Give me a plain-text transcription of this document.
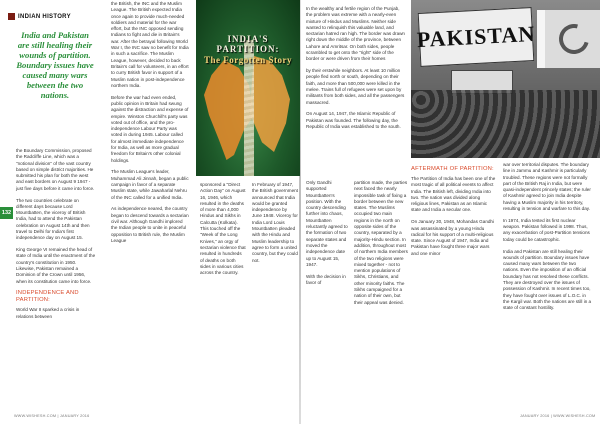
INDIAN HISTORY
India and Pakistan are still healing their wounds of partition. Boundary issues have caused many wars between the two nations.
132

the Boundary Commission, proposed the Radcliffe Line, which was a "notional division" of the vast country based on simple district majorities. He submitted his plan for both the west and east borders on August 9 1947 - just five days before it came into force.

The two countries celebrate on different days because Lord Mountbatten, the viceroy of British India, had to attend the Pakistan celebration on August 14th and then travel to Delhi for India's first independence day on August 15.

King George VI remained the head of state of India until the enactment of the country's constitution in 1950. Likewise, Pakistan remained a Dominion of the Crown until 1956, when its constitution came into force.

INDEPENDENCE AND PARTITION:

World War II sparked a crisis in relations between

the British, the INC and the Muslim League. The British expected India once again to provide much-needed soldiers and material for the war effort, but the INC opposed sending Indians to fight and die in Britain's war. After the betrayal following World War I, the INC saw no benefit for India in such a sacrifice. The Muslim League, however, decided to back Britain's call for volunteers, in an effort to curry British favor in support of a Muslim nation in post-independence northern India.

Before the war had even ended, public opinion in Britain had swung against the distraction and expense of empire. Winston Churchill's party was voted out of office, and the pro-independence Labour Party was voted in during 1945. Labour called for almost immediate independence for India, as well as more gradual freedom for Britain's other colonial holdings.

The Muslim League's leader, Muhammad Ali Jinnah, began a public campaign in favor of a separate Muslim state, while Jawaharlal Nehru of the INC called for a unified India.

As independence neared, the country began to descend towards a sectarian civil war. Although Gandhi implored the Indian people to unite in peaceful opposition to British rule, the Muslim League

INDIA'S PARTITION:
The Forgotten Story

sponsored a "Direct Action Day" on August 16, 1946, which resulted in the deaths of more than 4,000 Hindus and Sikhs in Calcutta (Kolkata). This touched off the "Week of the Long Knives," an orgy of sectarian violence that resulted in hundreds of deaths on both sides in various cities across the country.

In February of 1947, the British government announced that India would be granted independence by June 1948. Viceroy for India Lord Louis Mountbatten pleaded with the Hindu and Muslim leadership to agree to form a united country, but they could not.

PAKISTAN

Only Gandhi supported Mountbatten's position. With the country descending further into chaos, Mountbatten reluctantly agreed to the formation of two separate states and moved the independence date up to August 15, 1947.

With the decision in favor of

partition made, the parties next faced the nearly impossible task of fixing a border between the new states. The Muslims occupied two main regions in the north on opposite sides of the country, separated by a majority-Hindu section. In addition, throughout most of northern India members of the two religions were mixed together - not to mention populations of Sikhs, Christians, and other minority faiths. The Sikhs campaigned for a nation of their own, but their appeal was denied.

In the wealthy and fertile region of the Punjab, the problem was extreme with a nearly-even mixture of Hindus and Muslims. Neither side wanted to relinquish this valuable land, and sectarian hatred ran high. The border was drawn right down the middle of the province, between Lahore and Amritsar. On both sides, people scrambled to get onto the "right" side of the border or were driven from their homes

by their erstwhile neighbors. At least 10 million people fled north or south, depending on their faith, and more than 500,000 were killed in the melee. Trains full of refugees were set upon by militants from both sides, and all the passengers massacred.

On August 14, 1947, the Islamic Republic of Pakistan was founded. The following day, the Republic of India was established to the south.

AFTERMATH OF PARTITION:

The Partition of India has been one of the most tragic of all political events to affect India. The British left, dividing India into two. The nation was divided along religious lines, Pakistan as an Islamic state and India a secular one.

On January 30, 1948, Mohandas Gandhi was assassinated by a young Hindu radical for his support of a multi-religious state. Since August of 1947, India and Pakistan have fought three major wars and one minor

war over territorial disputes. The boundary line in Jammu and Kashmir is particularly troubled. These regions were not formally part of the British Raj in India, but were quasi-independent princely states; the ruler of Kashmir agreed to join India despite having a Muslim majority in his territory, resulting in tension and warfare to this day.

In 1974, India tested its first nuclear weapon. Pakistan followed in 1998. Thus, any exacerbation of post-Partition tensions today could be catastrophic.

India and Pakistan are still healing their wounds of partition. Boundary issues have caused many wars between the two nations. Even the imposition of an official boundary has not resolved these conflicts. They are destroyed over the issues of possession of Kashmir. In recent times too, they have fought over issues of L.O.C. in the Kargil war. Both the nations are still in a state of constant hostility.

WWW.WISHESH.COM | JANUARY 2016	JANUARY 2016 | WWW.WISHESH.COM
